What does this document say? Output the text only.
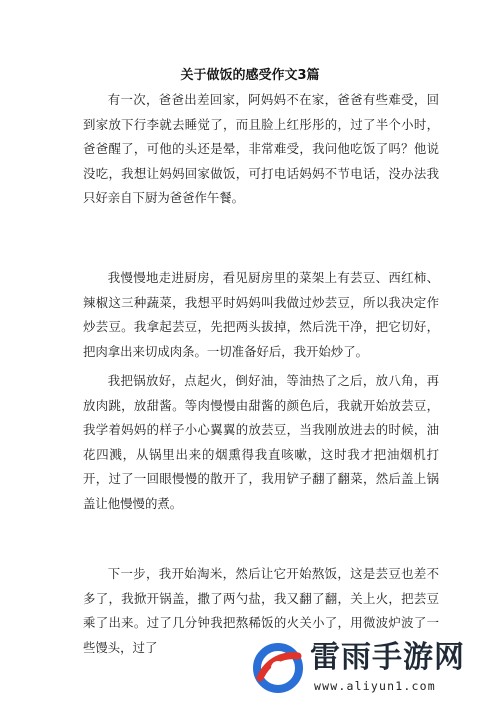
关于做饭的感受作文3篇
有一次，爸爸出差回家，阿妈妈不在家，爸爸有些难受，回到家放下行李就去睡觉了，而且脸上红彤彤的，过了半个小时，爸爸醒了，可他的头还是晕，非常难受，我问他吃饭了吗？他说没吃，我想让妈妈回家做饭，可打电话妈妈不节电话，没办法我只好亲自下厨为爸爸作午餐。
我慢慢地走进厨房，看见厨房里的菜架上有芸豆、西红柿、辣椒这三种蔬菜，我想平时妈妈叫我做过炒芸豆，所以我决定作炒芸豆。我拿起芸豆，先把两头拔掉，然后洗干净，把它切好，把肉拿出来切成肉条。一切准备好后，我开始炒了。
我把锅放好，点起火，倒好油，等油热了之后，放八角，再放肉跳，放甜酱。等肉慢慢由甜酱的颜色后，我就开始放芸豆，我学着妈妈的样子小心翼翼的放芸豆，当我刚放进去的时候，油花四溅，从锅里出来的烟熏得我直咳嗽，这时我才把油烟机打开，过了一回眼慢慢的散开了，我用铲子翻了翻菜，然后盖上锅盖让他慢慢的煮。
下一步，我开始淘米，然后让它开始熬饭，这是芸豆也差不多了，我掀开锅盖，撒了两勺盐，我又翻了翻，关上火，把芸豆乘了出来。过了几分钟我把熬稀饭的火关小了，用微波炉波了一些馒头，过了	雷雨手游网
www.aliyun1.com
